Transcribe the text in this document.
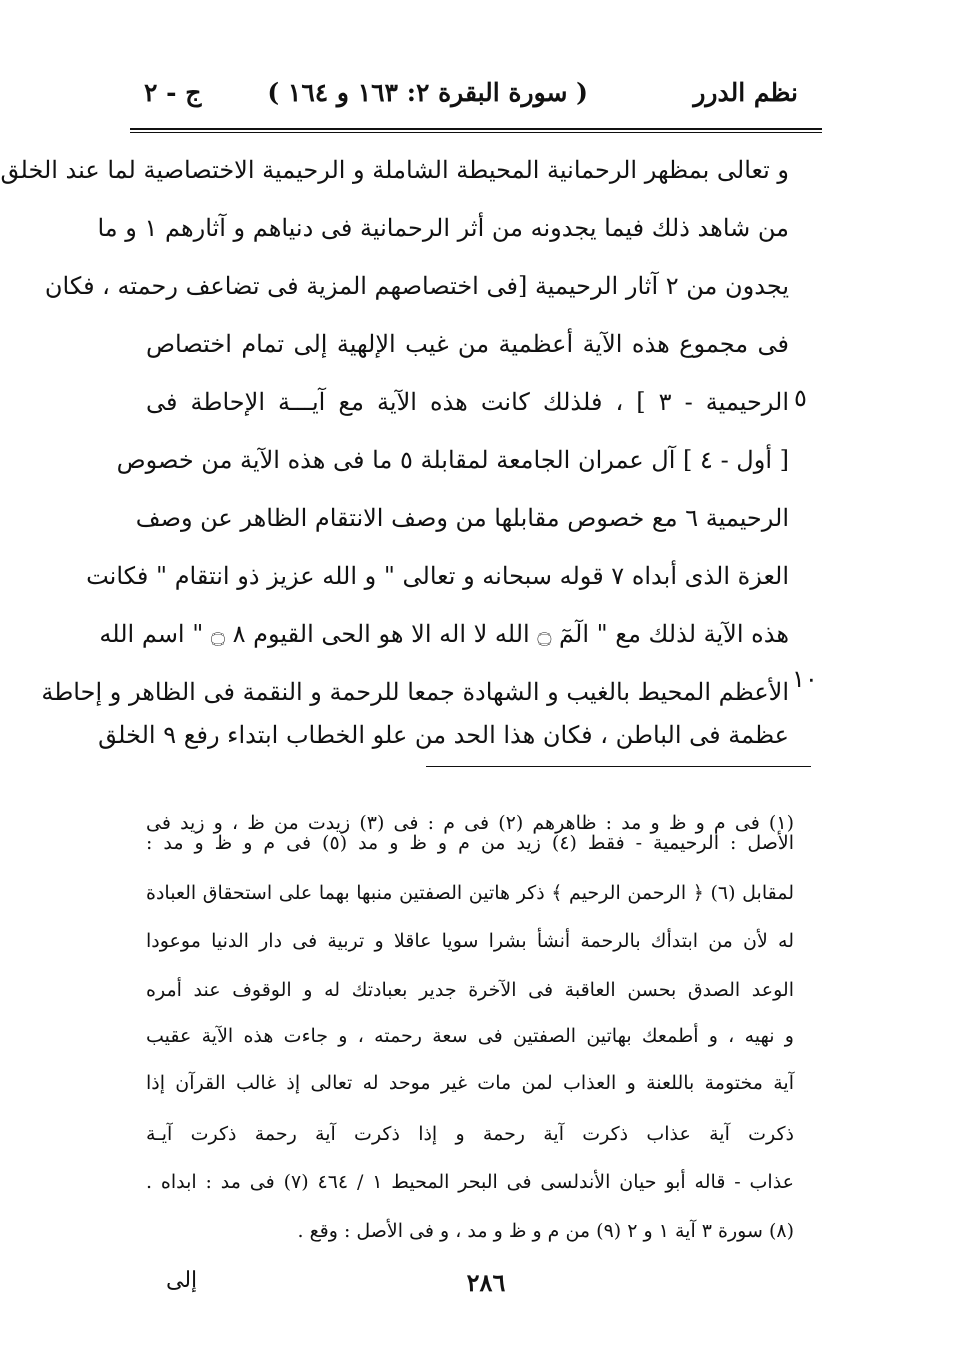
نظم الدرر
( سورة البقرة ٢: ١٦٣ و ١٦٤ )
ج - ٢
و تعالى بمظهر الرحمانية المحيطة الشاملة و الرحيمية الاختصاصية لما عند الخلق
من شاهد ذلك فيما يجدونه من أثر الرحمانية فى دنياهم و آثارهم ١ و ما
يجدون من ٢ آثار الرحيمية [فى اختصاصهم المزية فى تضاعف رحمته ، فكان
فى مجموع هذه الآية أعظمية من غيب الإلهية إلى تمام اختصاص
الرحيمية - ٣ ] ، فلذلك كانت هذه الآية مع آيـــة الإحاطة فى
[ أول - ٤ ] آل عمران الجامعة لمقابلة ٥ ما فى هذه الآية من خصوص
الرحيمية ٦ مع خصوص مقابلها من وصف الانتقام الظاهر عن وصف
العزة الذى أبداه ٧ قوله سبحانه و تعالى " و الله عزيز ذو انتقام " فكانت
هذه الآية لذلك مع " الٓمٓ ۝ الله لا اله الا هو الحى القيوم ٨ ۝ " اسم الله
الأعظم المحيط بالغيب و الشهادة جمعا للرحمة و النقمة فى الظاهر و إحاطة
عظمة فى الباطن ، فكان هذا الحد من علو الخطاب ابتداء رفع ٩ الخلق
٥
١٠
(١) فى م و ظ و مد : ظاهرهم (٢) فى م : فى (٣) زيدت من ظ ، و زيد فى
الأصل : الرحيمية - فقط (٤) زيد من م و ظ و مد (٥) فى م و ظ و مد :
لمقابل (٦) ﴿ الرحمن الرحيم ﴾ ذكر هاتين الصفتين منبها بهما على استحقاق العبادة
له لأن من ابتدأك بالرحمة أنشأ بشرا سويا عاقلا و تربية فى دار الدنيا موعودا
الوعد الصدق بحسن العاقبة فى الآخرة جدير بعبادتك له و الوقوف عند أمره
و نهيه ، و أطمعك بهاتين الصفتين فى سعة رحمته ، و جاءت هذه الآية عقيب
آية مختومة باللعنة و العذاب لمن مات غير موحد له تعالى إذ غالب القرآن إذا
ذكرت آية عذاب ذكرت آية رحمة و إذا ذكرت آية رحمة ذكرت آيـة
عذاب - قاله أبو حيان الأندلسى فى البحر المحيط ١ / ٤٦٤ (٧) فى مد : ابداه .
(٨) سورة ٣ آية ١ و ٢ (٩) من م و ظ و مد ، و فى الأصل : وقع .
٢٨٦
إلى
